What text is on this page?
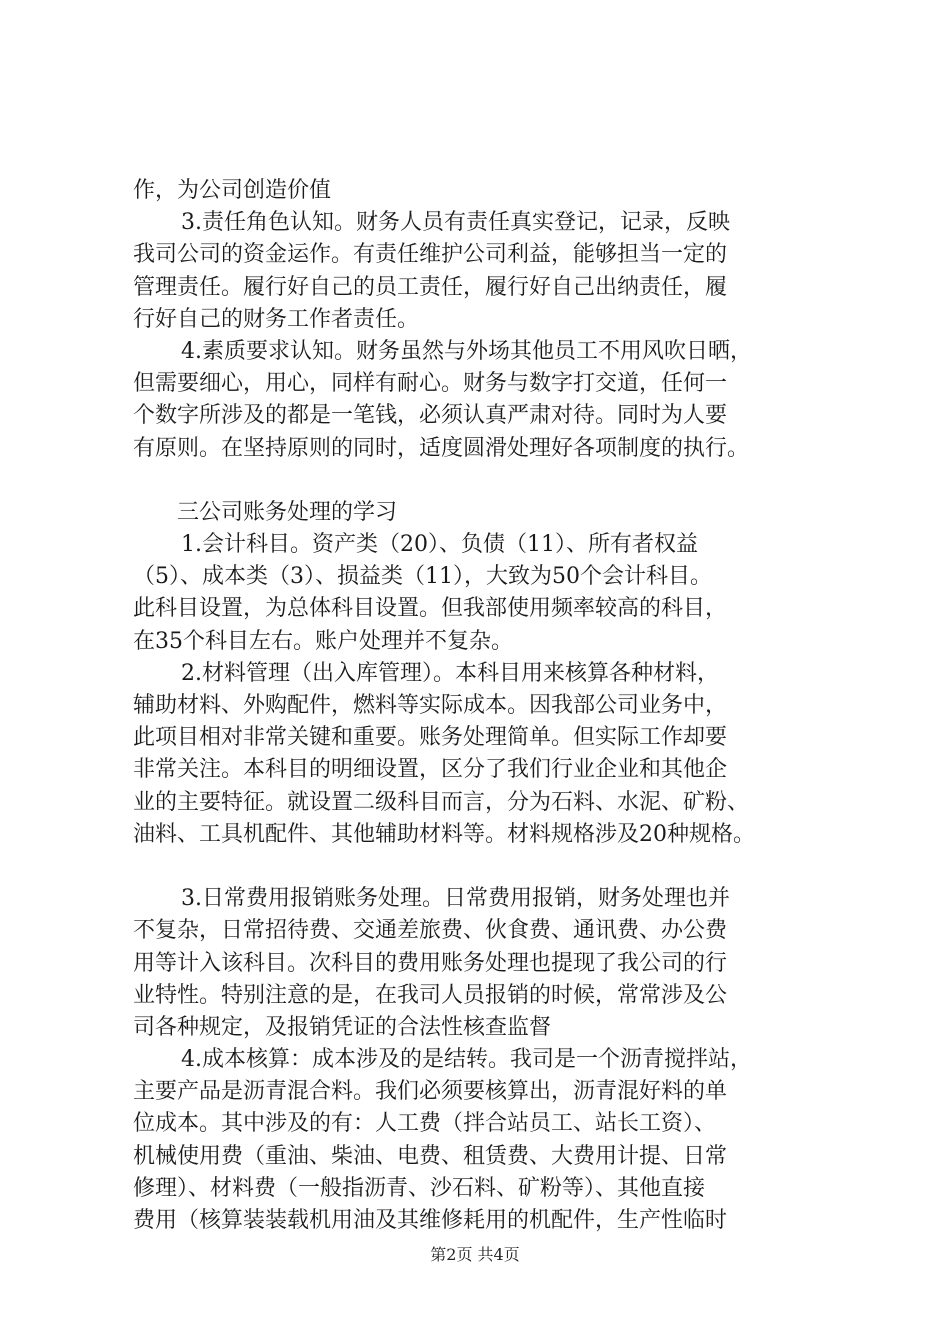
作，为公司创造价值
3.责任角色认知。财务人员有责任真实登记，记录，反映
我司公司的资金运作。有责任维护公司利益，能够担当一定的
管理责任。履行好自己的员工责任，履行好自己出纳责任，履
行好自己的财务工作者责任。
4.素质要求认知。财务虽然与外场其他员工不用风吹日晒，
但需要细心，用心，同样有耐心。财务与数字打交道，任何一
个数字所涉及的都是一笔钱，必须认真严肃对待。同时为人要
有原则。在坚持原则的同时，适度圆滑处理好各项制度的执行。
三公司账务处理的学习
1.会计科目。资产类（20）、负债（11）、所有者权益
（5）、成本类（3）、损益类（11），大致为50个会计科目。
此科目设置，为总体科目设置。但我部使用频率较高的科目，
在35个科目左右。账户处理并不复杂。
2.材料管理（出入库管理）。本科目用来核算各种材料，
辅助材料、外购配件，燃料等实际成本。因我部公司业务中，
此项目相对非常关键和重要。账务处理简单。但实际工作却要
非常关注。本科目的明细设置，区分了我们行业企业和其他企
业的主要特征。就设置二级科目而言，分为石料、水泥、矿粉、
油料、工具机配件、其他辅助材料等。材料规格涉及20种规格。
3.日常费用报销账务处理。日常费用报销，财务处理也并
不复杂，日常招待费、交通差旅费、伙食费、通讯费、办公费
用等计入该科目。次科目的费用账务处理也提现了我公司的行
业特性。特别注意的是，在我司人员报销的时候，常常涉及公
司各种规定，及报销凭证的合法性核查监督
4.成本核算：成本涉及的是结转。我司是一个沥青搅拌站，
主要产品是沥青混合料。我们必须要核算出，沥青混好料的单
位成本。其中涉及的有：人工费（拌合站员工、站长工资）、
机械使用费（重油、柴油、电费、租赁费、大费用计提、日常
修理）、材料费（一般指沥青、沙石料、矿粉等）、其他直接
费用（核算装装载机用油及其维修耗用的机配件，生产性临时
第2页 共4页
